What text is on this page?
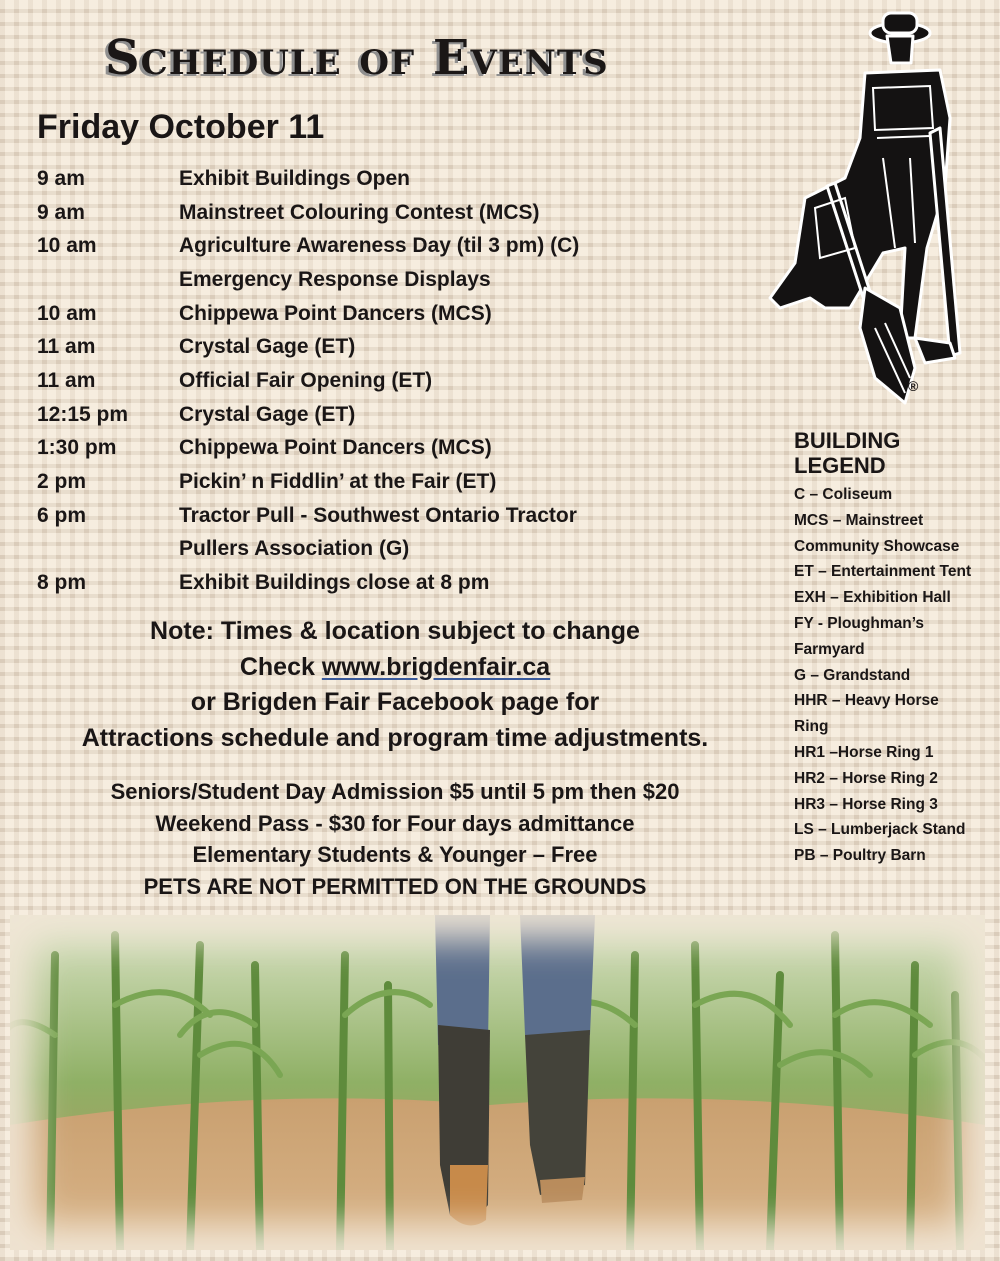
Schedule of Events
Friday October 11
9 am	Exhibit Buildings Open
9 am	Mainstreet Colouring Contest (MCS)
10 am	Agriculture Awareness Day (til 3 pm) (C)
Emergency Response Displays
10 am	Chippewa Point Dancers (MCS)
11 am	Crystal Gage (ET)
11 am	Official Fair Opening (ET)
12:15 pm	Crystal Gage (ET)
1:30 pm	Chippewa Point Dancers (MCS)
2 pm	Pickin’ n Fiddlin’ at the Fair (ET)
6 pm	Tractor Pull - Southwest Ontario Tractor
Pullers Association (G)
8 pm	Exhibit Buildings close at 8 pm
Note: Times & location subject to change
Check www.brigdenfair.ca
or Brigden Fair Facebook page for
Attractions schedule and program time adjustments.
Seniors/Student Day Admission $5 until 5 pm then $20
Weekend Pass - $30 for Four days admittance
Elementary Students & Younger – Free
PETS ARE NOT PERMITTED ON THE GROUNDS
®
BUILDING LEGEND
C – Coliseum
MCS – Mainstreet
Community Showcase
ET – Entertainment Tent
EXH – Exhibition Hall
FY - Ploughman’s
Farmyard
G – Grandstand
HHR – Heavy Horse
Ring
HR1 –Horse Ring 1
HR2 – Horse Ring 2
HR3 – Horse Ring 3
LS – Lumberjack Stand
PB – Poultry Barn
